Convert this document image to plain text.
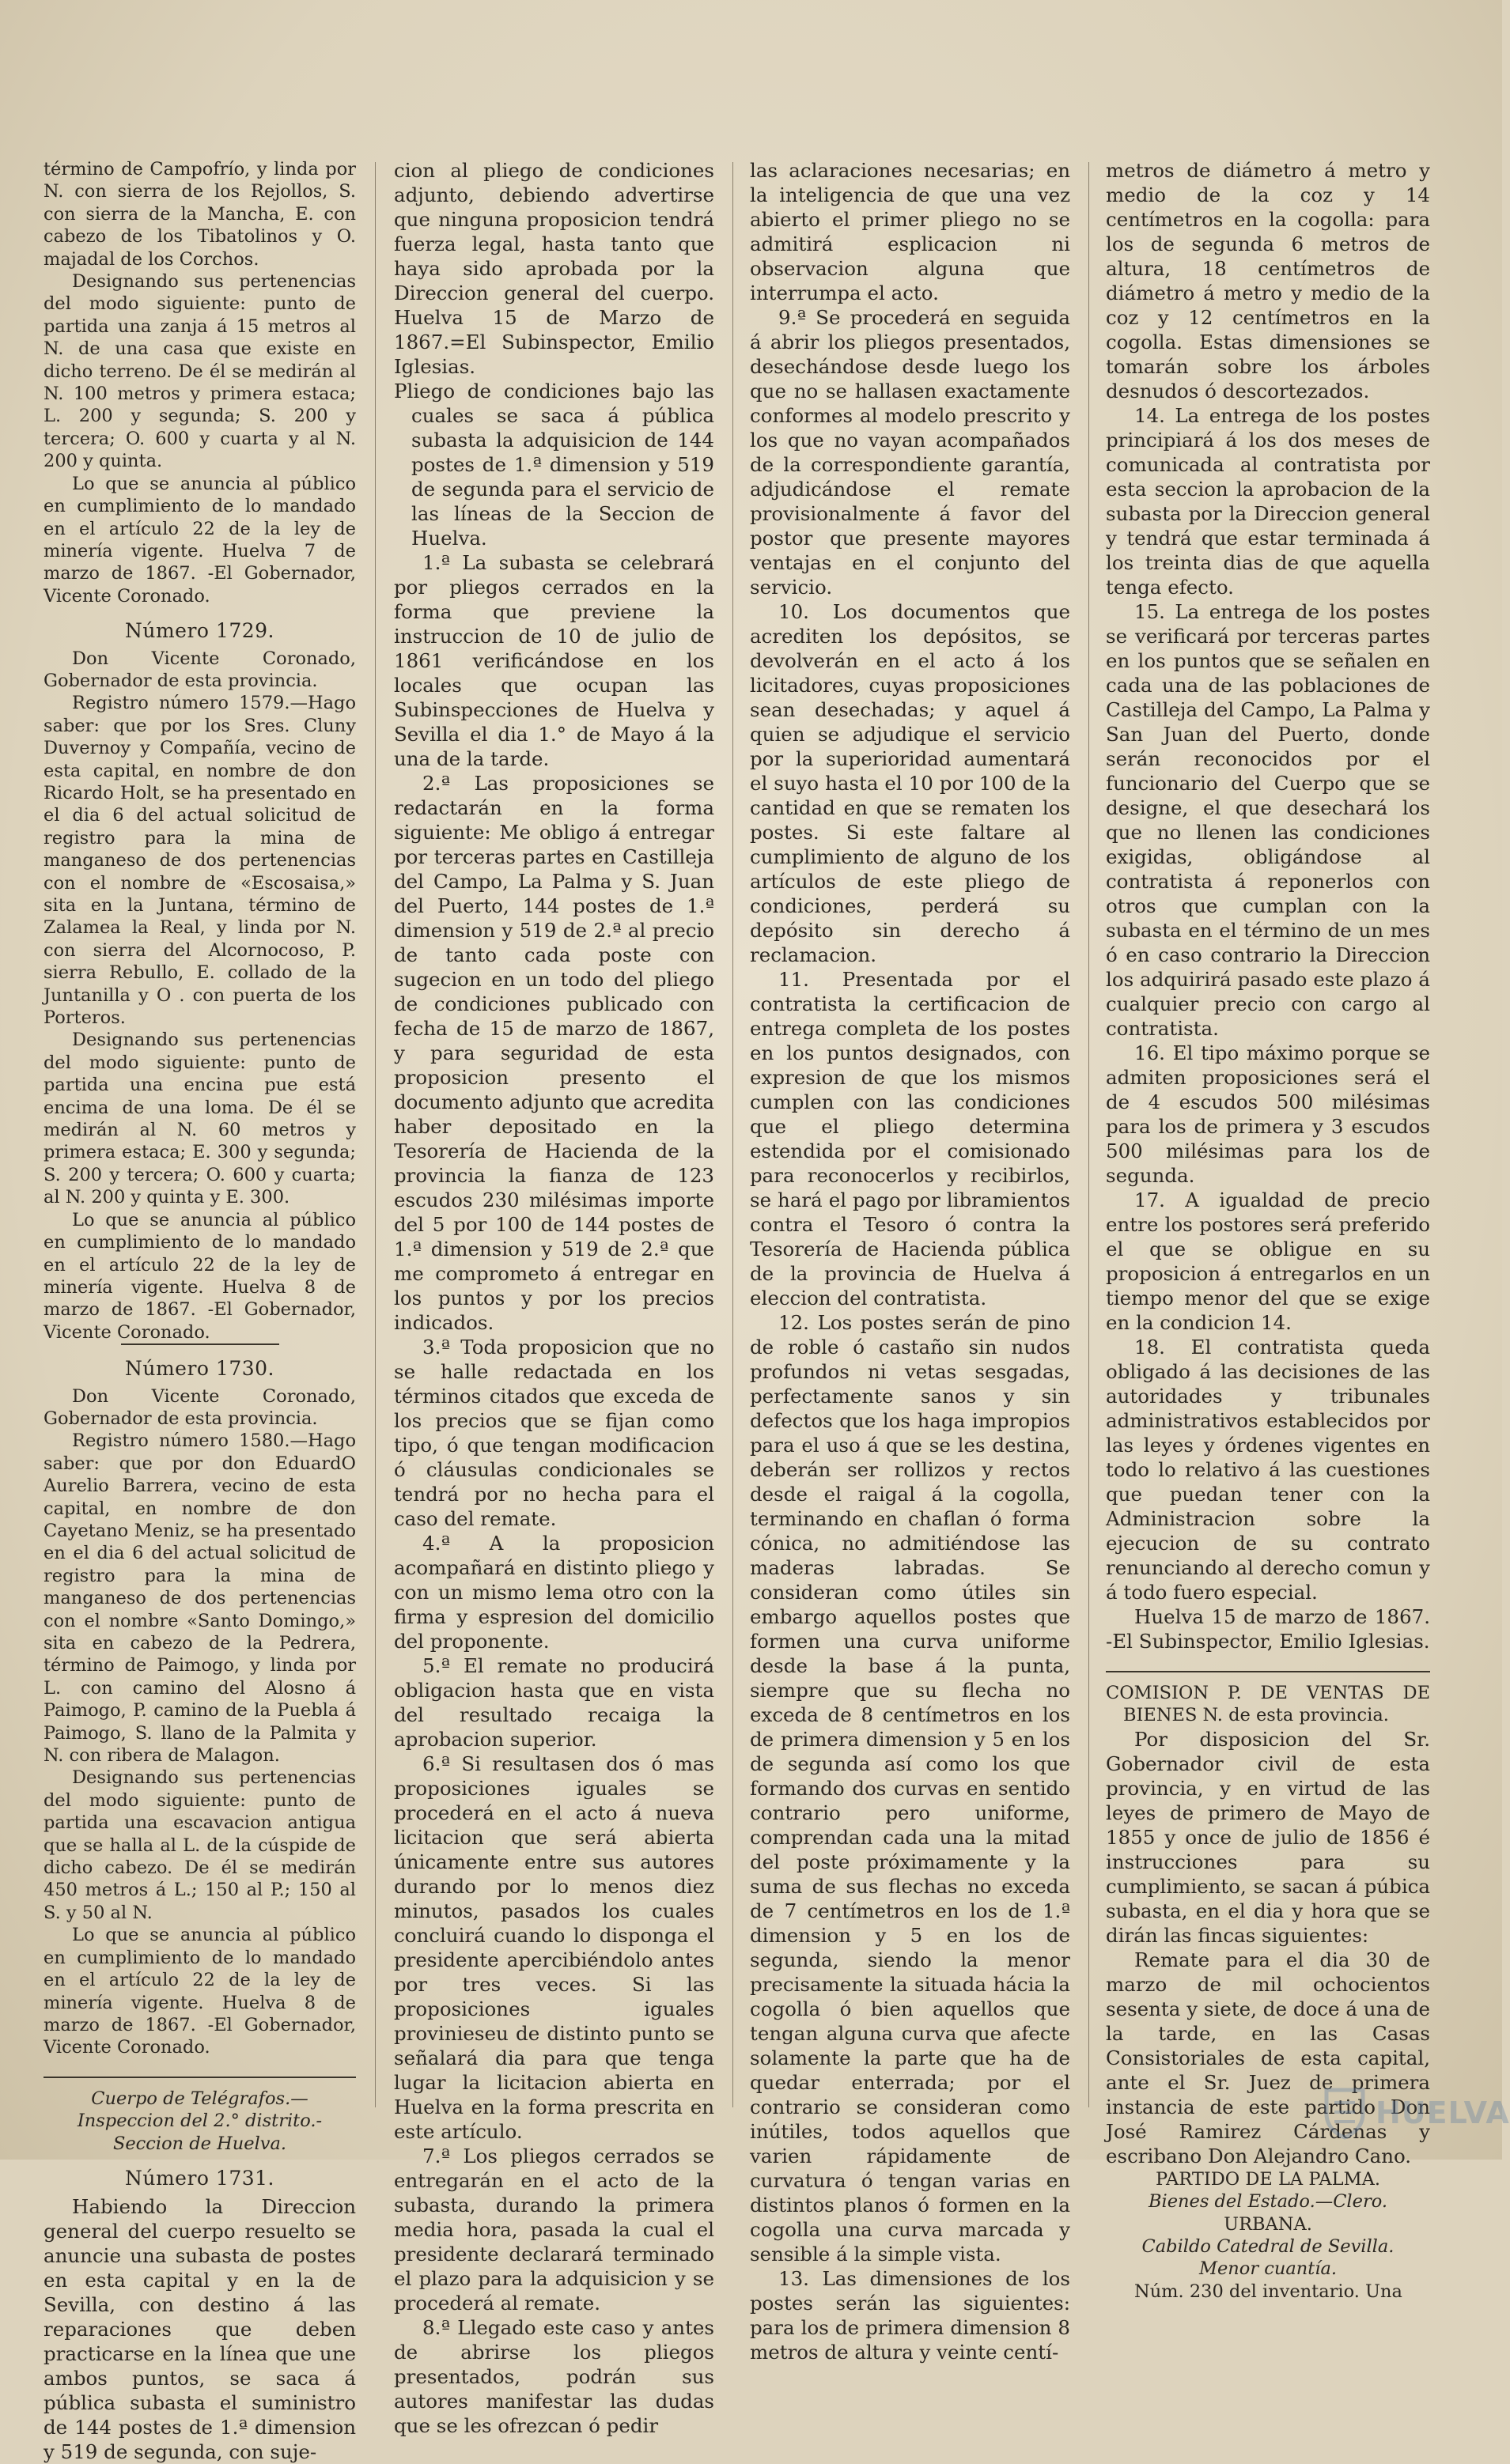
término de Campofrío, y linda por N. con sierra de los Rejollos, S. con sierra de la Mancha, E. con cabezo de los Tibatolinos y O. majadal de los Corchos.

Designando sus pertenencias del modo siguiente: punto de partida una zanja á 15 metros al N. de una casa que existe en dicho terreno. De él se medirán al N. 100 metros y primera estaca; L. 200 y segunda; S. 200 y tercera; O. 600 y cuarta y al N. 200 y quinta.

Lo que se anuncia al público en cumplimiento de lo mandado en el artículo 22 de la ley de minería vigente. Huelva 7 de marzo de 1867. -El Gobernador, Vicente Coronado.

Número 1729.

Don Vicente Coronado, Gobernador de esta provincia.

Registro número 1579.—Hago saber: que por los Sres. Cluny Duvernoy y Compañía, vecino de esta capital, en nombre de don Ricardo Holt, se ha presentado en el dia 6 del actual solicitud de registro para la mina de manganeso de dos pertenencias con el nombre de «Escosaisa,» sita en la Juntana, término de Zalamea la Real, y linda por N. con sierra del Alcornocoso, P. sierra Rebullo, E. collado de la Juntanilla y O . con puerta de los Porteros.

Designando sus pertenencias del modo siguiente: punto de partida una encina pue está encima de una loma. De él se medirán al N. 60 metros y primera estaca; E. 300 y segunda; S. 200 y tercera; O. 600 y cuarta; al N. 200 y quinta y E. 300.

Lo que se anuncia al público en cumplimiento de lo mandado en el artículo 22 de la ley de minería vigente. Huelva 8 de marzo de 1867. -El Gobernador, Vicente Coronado.

Número 1730.

Don Vicente Coronado, Gobernador de esta provincia.

Registro número 1580.—Hago saber: que por don EduardO Aurelio Barrera, vecino de esta capital, en nombre de don Cayetano Meniz, se ha presentado en el dia 6 del actual solicitud de registro para la mina de manganeso de dos pertenencias con el nombre «Santo Domingo,» sita en cabezo de la Pedrera, término de Paimogo, y linda por L. con camino del Alosno á Paimogo, P. camino de la Puebla á Paimogo, S. llano de la Palmita y N. con ribera de Malagon.

Designando sus pertenencias del modo siguiente: punto de partida una escavacion antigua que se halla al L. de la cúspide de dicho cabezo. De él se medirán 450 metros á L.; 150 al P.; 150 al S. y 50 al N.

Lo que se anuncia al público en cumplimiento de lo mandado en el artículo 22 de la ley de minería vigente. Huelva 8 de marzo de 1867. -El Gobernador, Vicente Coronado.

Cuerpo de Telégrafos.—Inspeccion del 2.° distrito.-Seccion de Huelva.

Número 1731.

Habiendo la Direccion general del cuerpo resuelto se anuncie una subasta de postes en esta capital y en la de Sevilla, con destino á las reparaciones que deben practicarse en la línea que une ambos puntos, se saca á pública subasta el suministro de 144 postes de 1.ª dimension y 519 de segunda, con suje-

cion al pliego de condiciones adjunto, debiendo advertirse que ninguna proposicion tendrá fuerza legal, hasta tanto que haya sido aprobada por la Direccion general del cuerpo. Huelva 15 de Marzo de 1867.=El Subinspector, Emilio Iglesias.

Pliego de condiciones bajo las cuales se saca á pública subasta la adquisicion de 144 postes de 1.ª dimension y 519 de segunda para el servicio de las líneas de la Seccion de Huelva.

1.ª La subasta se celebrará por pliegos cerrados en la forma que previene la instruccion de 10 de julio de 1861 verificándose en los locales que ocupan las Subinspecciones de Huelva y Sevilla el dia 1.° de Mayo á la una de la tarde.

2.ª Las proposiciones se redactarán en la forma siguiente: Me obligo á entregar por terceras partes en Castilleja del Campo, La Palma y S. Juan del Puerto, 144 postes de 1.ª dimension y 519 de 2.ª al precio de tanto cada poste con sugecion en un todo del pliego de condiciones publicado con fecha de 15 de marzo de 1867, y para seguridad de esta proposicion presento el documento adjunto que acredita haber depositado en la Tesorería de Hacienda de la provincia la fianza de 123 escudos 230 milésimas importe del 5 por 100 de 144 postes de 1.ª dimension y 519 de 2.ª que me comprometo á entregar en los puntos y por los precios indicados.

3.ª Toda proposicion que no se halle redactada en los términos citados que exceda de los precios que se fijan como tipo, ó que tengan modificacion ó cláusulas condicionales se tendrá por no hecha para el caso del remate.

4.ª A la proposicion acompañará en distinto pliego y con un mismo lema otro con la firma y espresion del domicilio del proponente.

5.ª El remate no producirá obligacion hasta que en vista del resultado recaiga la aprobacion superior.

6.ª Si resultasen dos ó mas proposiciones iguales se procederá en el acto á nueva licitacion que será abierta únicamente entre sus autores durando por lo menos diez minutos, pasados los cuales concluirá cuando lo disponga el presidente apercibiéndolo antes por tres veces. Si las proposiciones iguales provinieseu de distinto punto se señalará dia para que tenga lugar la licitacion abierta en Huelva en la forma prescrita en este artículo.

7.ª Los pliegos cerrados se entregarán en el acto de la subasta, durando la primera media hora, pasada la cual el presidente declarará terminado el plazo para la adquisicion y se procederá al remate.

8.ª Llegado este caso y antes de abrirse los pliegos presentados, podrán sus autores manifestar las dudas que se les ofrezcan ó pedir

las aclaraciones necesarias; en la inteligencia de que una vez abierto el primer pliego no se admitirá esplicacion ni observacion alguna que interrumpa el acto.

9.ª Se procederá en seguida á abrir los pliegos presentados, desechándose desde luego los que no se hallasen exactamente conformes al modelo prescrito y los que no vayan acompañados de la correspondiente garantía, adjudicándose el remate provisionalmente á favor del postor que presente mayores ventajas en el conjunto del servicio.

10. Los documentos que acrediten los depósitos, se devolverán en el acto á los licitadores, cuyas proposiciones sean desechadas; y aquel á quien se adjudique el servicio por la superioridad aumentará el suyo hasta el 10 por 100 de la cantidad en que se rematen los postes. Si este faltare al cumplimiento de alguno de los artículos de este pliego de condiciones, perderá su depósito sin derecho á reclamacion.

11. Presentada por el contratista la certificacion de entrega completa de los postes en los puntos designados, con expresion de que los mismos cumplen con las condiciones que el pliego determina estendida por el comisionado para reconocerlos y recibirlos, se hará el pago por libramientos contra el Tesoro ó contra la Tesorería de Hacienda pública de la provincia de Huelva á eleccion del contratista.

12. Los postes serán de pino de roble ó castaño sin nudos profundos ni vetas sesgadas, perfectamente sanos y sin defectos que los haga impropios para el uso á que se les destina, deberán ser rollizos y rectos desde el raigal á la cogolla, terminando en chaflan ó forma cónica, no admitiéndose las maderas labradas. Se consideran como útiles sin embargo aquellos postes que formen una curva uniforme desde la base á la punta, siempre que su flecha no exceda de 8 centímetros en los de primera dimension y 5 en los de segunda así como los que formando dos curvas en sentido contrario pero uniforme, comprendan cada una la mitad del poste próximamente y la suma de sus flechas no exceda de 7 centímetros en los de 1.ª dimension y 5 en los de segunda, siendo la menor precisamente la situada hácia la cogolla ó bien aquellos que tengan alguna curva que afecte solamente la parte que ha de quedar enterrada; por el contrario se consideran como inútiles, todos aquellos que varien rápidamente de curvatura ó tengan varias en distintos planos ó formen en la cogolla una curva marcada y sensible á la simple vista.

13. Las dimensiones de los postes serán las siguientes: para los de primera dimension 8 metros de altura y veinte centí-

metros de diámetro á metro y medio de la coz y 14 centímetros en la cogolla: para los de segunda 6 metros de altura, 18 centímetros de diámetro á metro y medio de la coz y 12 centímetros en la cogolla. Estas dimensiones se tomarán sobre los árboles desnudos ó descortezados.

14. La entrega de los postes principiará á los dos meses de comunicada al contratista por esta seccion la aprobacion de la subasta por la Direccion general y tendrá que estar terminada á los treinta dias de que aquella tenga efecto.

15. La entrega de los postes se verificará por terceras partes en los puntos que se señalen en cada una de las poblaciones de Castilleja del Campo, La Palma y San Juan del Puerto, donde serán reconocidos por el funcionario del Cuerpo que se designe, el que desechará los que no llenen las condiciones exigidas, obligándose al contratista á reponerlos con otros que cumplan con la subasta en el término de un mes ó en caso contrario la Direccion los adquirirá pasado este plazo á cualquier precio con cargo al contratista.

16. El tipo máximo porque se admiten proposiciones será el de 4 escudos 500 milésimas para los de primera y 3 escudos 500 milésimas para los de segunda.

17. A igualdad de precio entre los postores será preferido el que se obligue en su proposicion á entregarlos en un tiempo menor del que se exige en la condicion 14.

18. El contratista queda obligado á las decisiones de las autoridades y tribunales administrativos establecidos por las leyes y órdenes vigentes en todo lo relativo á las cuestiones que puedan tener con la Administracion sobre la ejecucion de su contrato renunciando al derecho comun y á todo fuero especial.

Huelva 15 de marzo de 1867. -El Subinspector, Emilio Iglesias.

COMISION P. DE VENTAS DE BIENES N. de esta provincia.

Por disposicion del Sr. Gobernador civil de esta provincia, y en virtud de las leyes de primero de Mayo de 1855 y once de julio de 1856 é instrucciones para su cumplimiento, se sacan á púbica subasta, en el dia y hora que se dirán las fincas siguientes:

Remate para el dia 30 de marzo de mil ochocientos sesenta y siete, de doce á una de la tarde, en las Casas Consistoriales de esta capital, ante el Sr. Juez de primera instancia de este partido Don José Ramirez Cárdenas y escribano Don Alejandro Cano.

PARTIDO DE LA PALMA.

Bienes del Estado.—Clero.

URBANA.

Cabildo Catedral de Sevilla.

Menor cuantía.

Núm. 230 del inventario. Una

HUELVA
